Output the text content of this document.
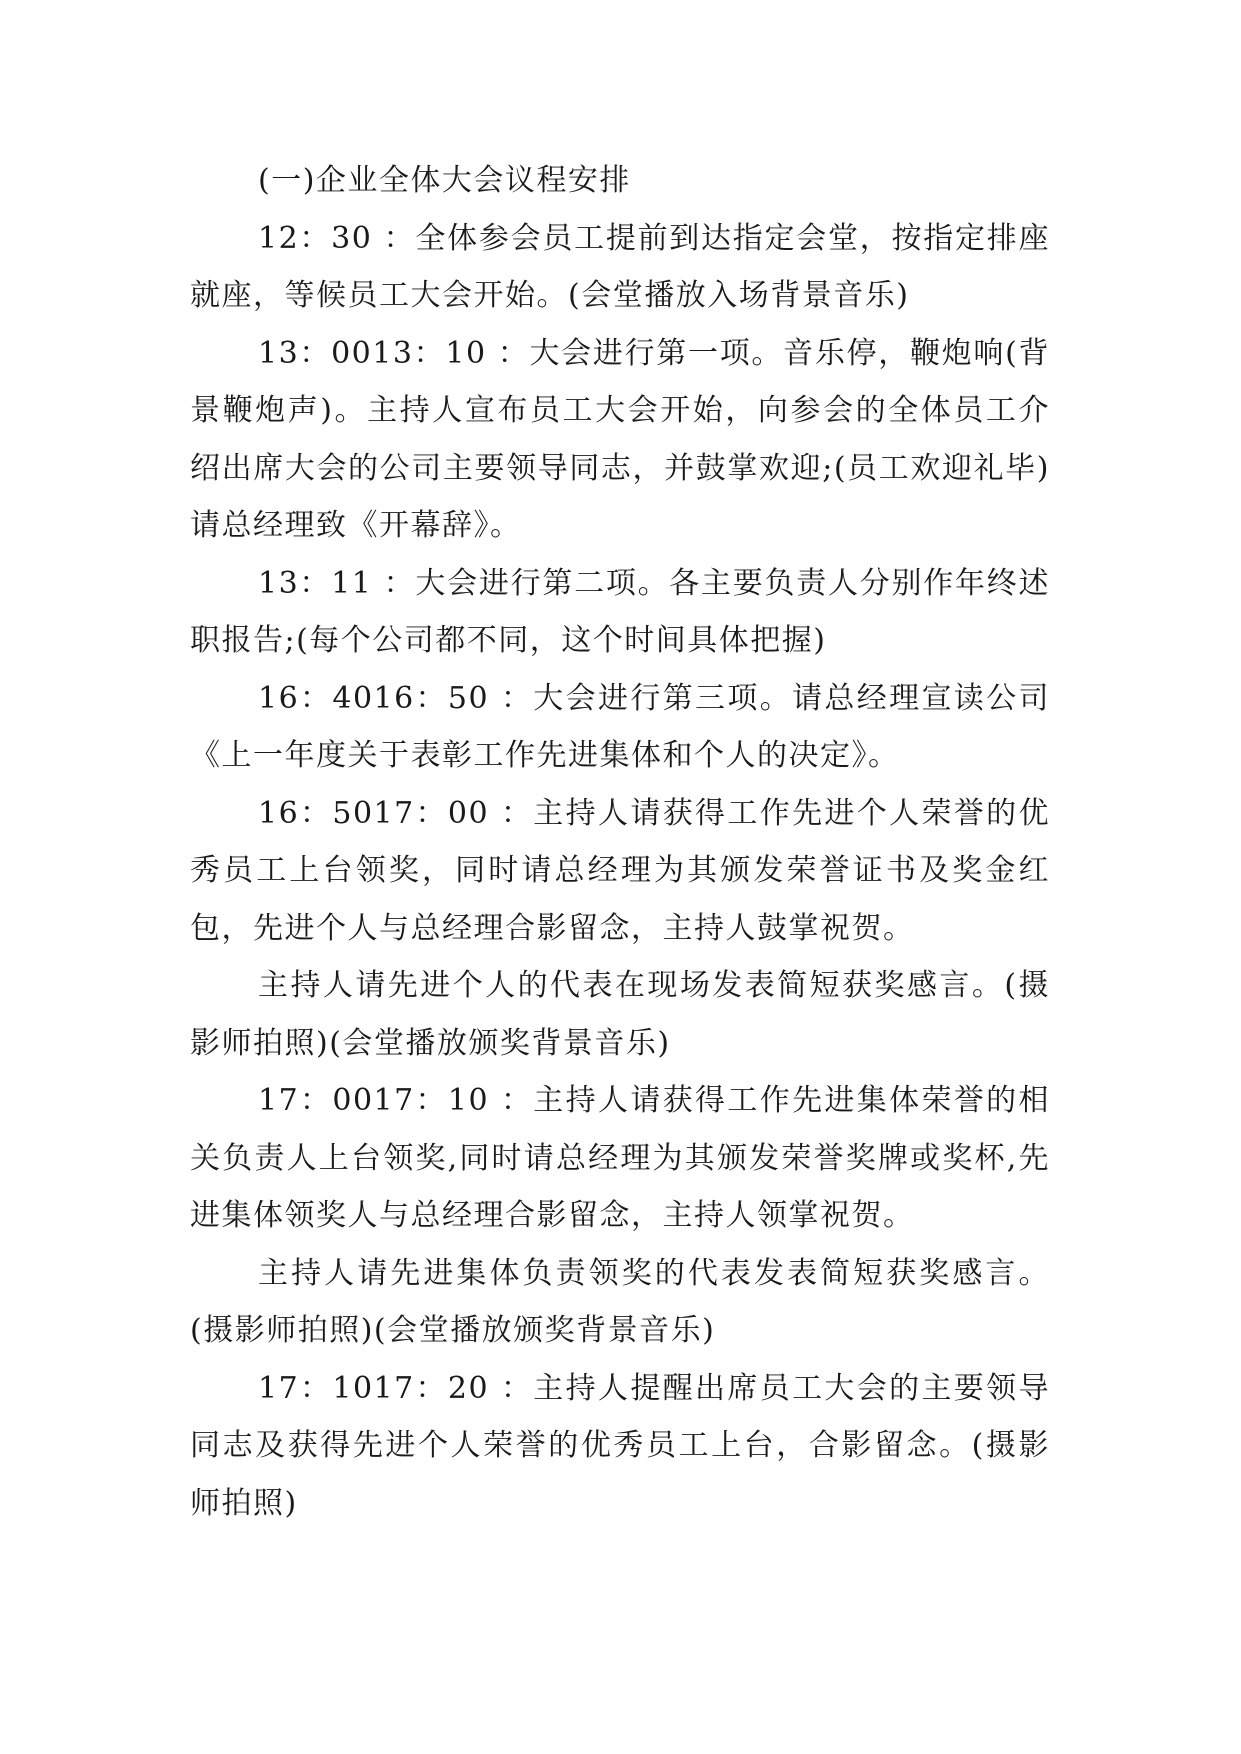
(一)企业全体大会议程安排

12：30 ：全体参会员工提前到达指定会堂，按指定排座就座，等候员工大会开始。(会堂播放入场背景音乐)

13：0013：10 ：大会进行第一项。音乐停，鞭炮响(背景鞭炮声)。主持人宣布员工大会开始，向参会的全体员工介绍出席大会的公司主要领导同志，并鼓掌欢迎;(员工欢迎礼毕)请总经理致《开幕辞》。

13：11 ：大会进行第二项。各主要负责人分别作年终述职报告;(每个公司都不同，这个时间具体把握)

16：4016：50 ：大会进行第三项。请总经理宣读公司《上一年度关于表彰工作先进集体和个人的决定》。

16：5017：00 ：主持人请获得工作先进个人荣誉的优秀员工上台领奖，同时请总经理为其颁发荣誉证书及奖金红包，先进个人与总经理合影留念，主持人鼓掌祝贺。

主持人请先进个人的代表在现场发表简短获奖感言。(摄影师拍照)(会堂播放颁奖背景音乐)

17：0017：10 ：主持人请获得工作先进集体荣誉的相关负责人上台领奖,同时请总经理为其颁发荣誉奖牌或奖杯,先进集体领奖人与总经理合影留念，主持人领掌祝贺。

主持人请先进集体负责领奖的代表发表简短获奖感言。(摄影师拍照)(会堂播放颁奖背景音乐)

17：1017：20 ：主持人提醒出席员工大会的主要领导同志及获得先进个人荣誉的优秀员工上台，合影留念。(摄影师拍照)
